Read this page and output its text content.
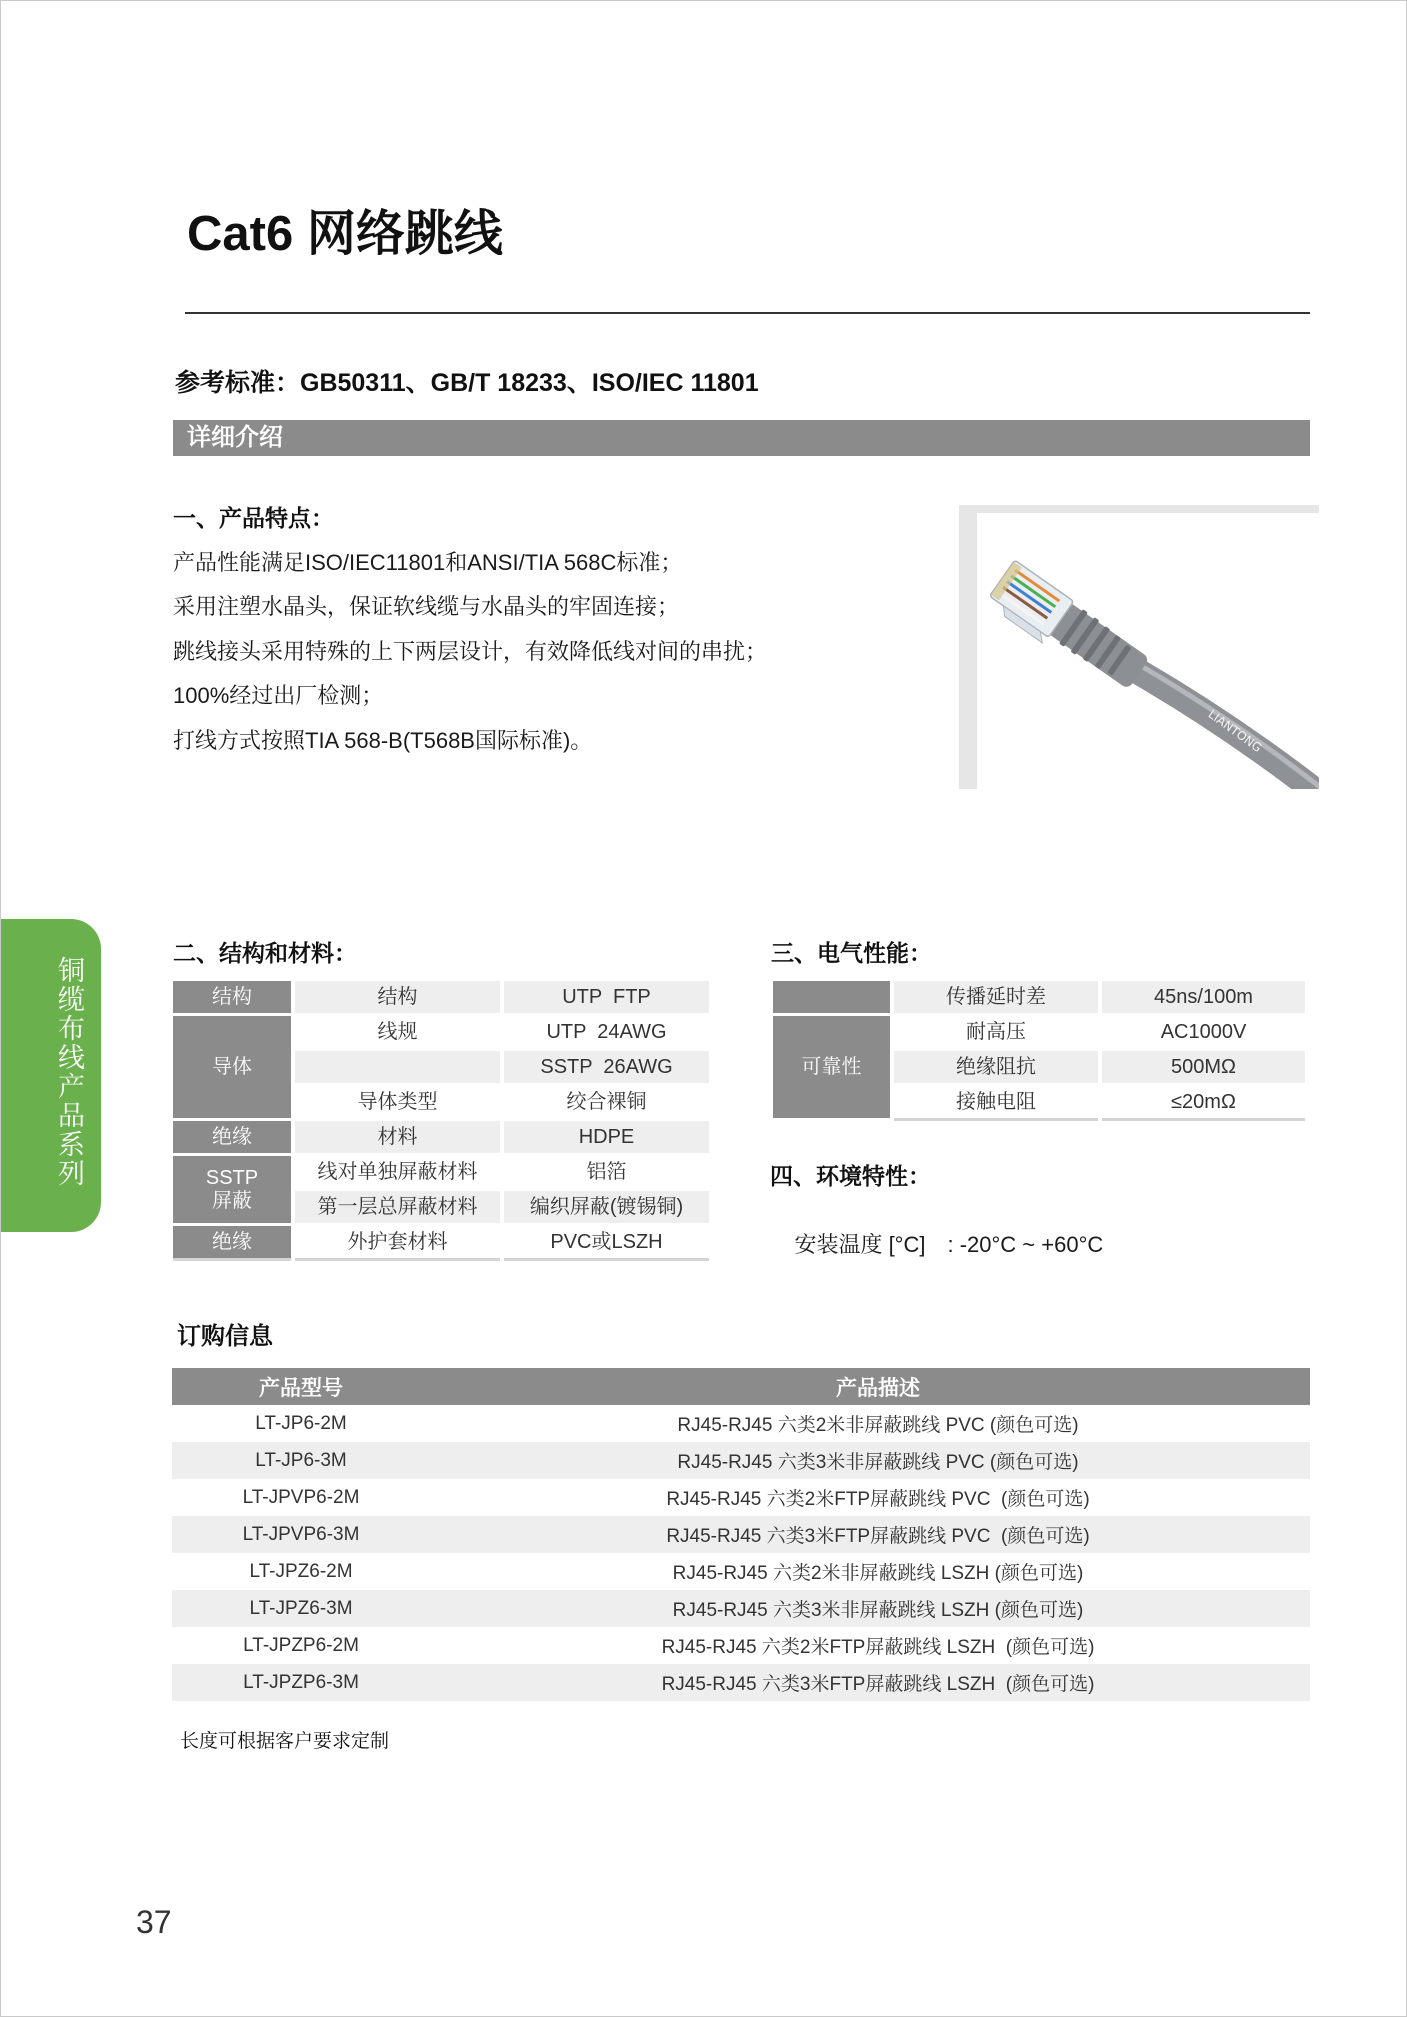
Cat6 网络跳线
参考标准：GB50311、GB/T 18233、ISO/IEC 11801
详细介绍
一、产品特点：
产品性能满足ISO/IEC11801和ANSI/TIA 568C标准；
采用注塑水晶头，保证软线缆与水晶头的牢固连接；
跳线接头采用特殊的上下两层设计，有效降低线对间的串扰；
100%经过出厂检测；
打线方式按照TIA 568-B(T568B国际标准)。	LIANTONG
铜缆布线产品系列
二、结构和材料：	三、电气性能：
结构	结构	UTP  FTP
导体	线规	UTP  24AWG
		SSTP  26AWG
	导体类型	绞合裸铜
绝缘	材料	HDPE
SSTP
屏蔽	线对单独屏蔽材料	铝箔
	第一层总屏蔽材料	编织屏蔽(镀锡铜)
绝缘	外护套材料	PVC或LSZH
	传播延时差	45ns/100m
可靠性	耐高压	AC1000V
	绝缘阻抗	500MΩ
	接触电阻	≤20mΩ
四、环境特性：

安装温度 [°C] : -20°C ~ +60°C

订购信息
产品型号	产品描述
LT-JP6-2M	RJ45-RJ45 六类2米非屏蔽跳线 PVC (颜色可选)
LT-JP6-3M	RJ45-RJ45 六类3米非屏蔽跳线 PVC (颜色可选)
LT-JPVP6-2M	RJ45-RJ45 六类2米FTP屏蔽跳线 PVC  (颜色可选)
LT-JPVP6-3M	RJ45-RJ45 六类3米FTP屏蔽跳线 PVC  (颜色可选)
LT-JPZ6-2M	RJ45-RJ45 六类2米非屏蔽跳线 LSZH (颜色可选)
LT-JPZ6-3M	RJ45-RJ45 六类3米非屏蔽跳线 LSZH (颜色可选)
LT-JPZP6-2M	RJ45-RJ45 六类2米FTP屏蔽跳线 LSZH  (颜色可选)
LT-JPZP6-3M	RJ45-RJ45 六类3米FTP屏蔽跳线 LSZH  (颜色可选)
长度可根据客户要求定制
37
